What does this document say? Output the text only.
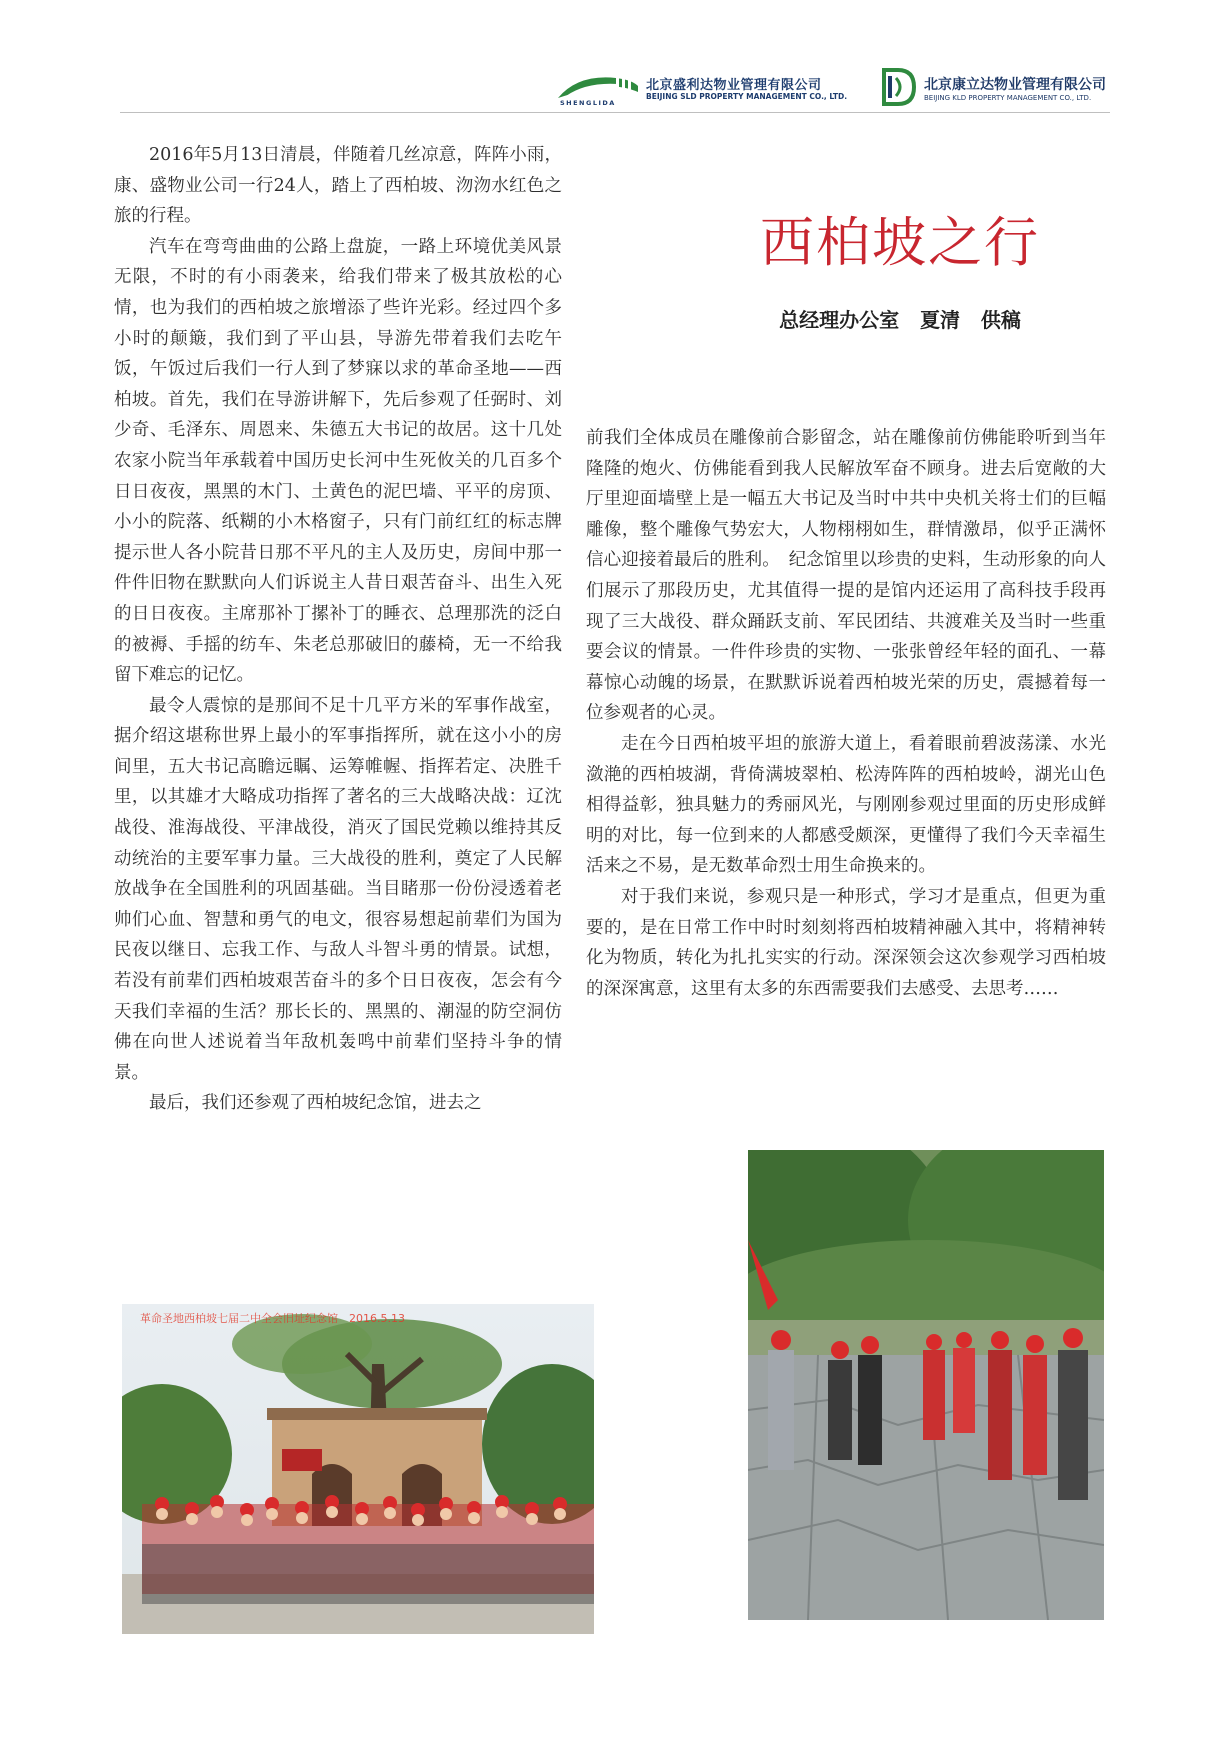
SHENGLIDA
北京盛利达物业管理有限公司
BEIJING SLD PROPERTY MANAGEMENT CO., LTD.
北京康立达物业管理有限公司
BEIJING KLD PROPERTY MANAGEMENT CO., LTD.
西柏坡之行
总经理办公室   夏清   供稿

2016年5月13日清晨，伴随着几丝凉意，阵阵小雨，康、盛物业公司一行24人，踏上了西柏坡、沕沕水红色之旅的行程。

汽车在弯弯曲曲的公路上盘旋，一路上环境优美风景无限，不时的有小雨袭来，给我们带来了极其放松的心情，也为我们的西柏坡之旅增添了些许光彩。经过四个多小时的颠簸，我们到了平山县，导游先带着我们去吃午饭，午饭过后我们一行人到了梦寐以求的革命圣地——西柏坡。首先，我们在导游讲解下，先后参观了任弼时、刘少奇、毛泽东、周恩来、朱德五大书记的故居。这十几处农家小院当年承载着中国历史长河中生死攸关的几百多个日日夜夜，黑黑的木门、土黄色的泥巴墙、平平的房顶、小小的院落、纸糊的小木格窗子，只有门前红红的标志牌提示世人各小院昔日那不平凡的主人及历史，房间中那一件件旧物在默默向人们诉说主人昔日艰苦奋斗、出生入死的日日夜夜。主席那补丁摞补丁的睡衣、总理那洗的泛白的被褥、手摇的纺车、朱老总那破旧的藤椅，无一不给我留下难忘的记忆。

最令人震惊的是那间不足十几平方米的军事作战室，据介绍这堪称世界上最小的军事指挥所，就在这小小的房间里，五大书记高瞻远瞩、运筹帷幄、指挥若定、决胜千里，以其雄才大略成功指挥了著名的三大战略决战：辽沈战役、淮海战役、平津战役，消灭了国民党赖以维持其反动统治的主要军事力量。三大战役的胜利，奠定了人民解放战争在全国胜利的巩固基础。当目睹那一份份浸透着老帅们心血、智慧和勇气的电文，很容易想起前辈们为国为民夜以继日、忘我工作、与敌人斗智斗勇的情景。试想，若没有前辈们西柏坡艰苦奋斗的多个日日夜夜，怎会有今天我们幸福的生活？那长长的、黑黑的、潮湿的防空洞仿佛在向世人述说着当年敌机轰鸣中前辈们坚持斗争的情景。

最后，我们还参观了西柏坡纪念馆，进去之

前我们全体成员在雕像前合影留念，站在雕像前仿佛能聆听到当年隆隆的炮火、仿佛能看到我人民解放军奋不顾身。进去后宽敞的大厅里迎面墙壁上是一幅五大书记及当时中共中央机关将士们的巨幅雕像，整个雕像气势宏大，人物栩栩如生，群情激昂，似乎正满怀信心迎接着最后的胜利。　纪念馆里以珍贵的史料，生动形象的向人们展示了那段历史，尤其值得一提的是馆内还运用了高科技手段再现了三大战役、群众踊跃支前、军民团结、共渡难关及当时一些重要会议的情景。一件件珍贵的实物、一张张曾经年轻的面孔、一幕幕惊心动魄的场景，在默默诉说着西柏坡光荣的历史，震撼着每一位参观者的心灵。

走在今日西柏坡平坦的旅游大道上，看着眼前碧波荡漾、水光潋滟的西柏坡湖，背倚满坡翠柏、松涛阵阵的西柏坡岭，湖光山色相得益彰，独具魅力的秀丽风光，与刚刚参观过里面的历史形成鲜明的对比，每一位到来的人都感受颇深，更懂得了我们今天幸福生活来之不易，是无数革命烈士用生命换来的。

对于我们来说，参观只是一种形式，学习才是重点，但更为重要的，是在日常工作中时时刻刻将西柏坡精神融入其中，将精神转化为物质，转化为扎扎实实的行动。深深领会这次参观学习西柏坡的深深寓意，这里有太多的东西需要我们去感受、去思考……

革命圣地西柏坡七届二中全会旧址纪念馆　2016.5.13
